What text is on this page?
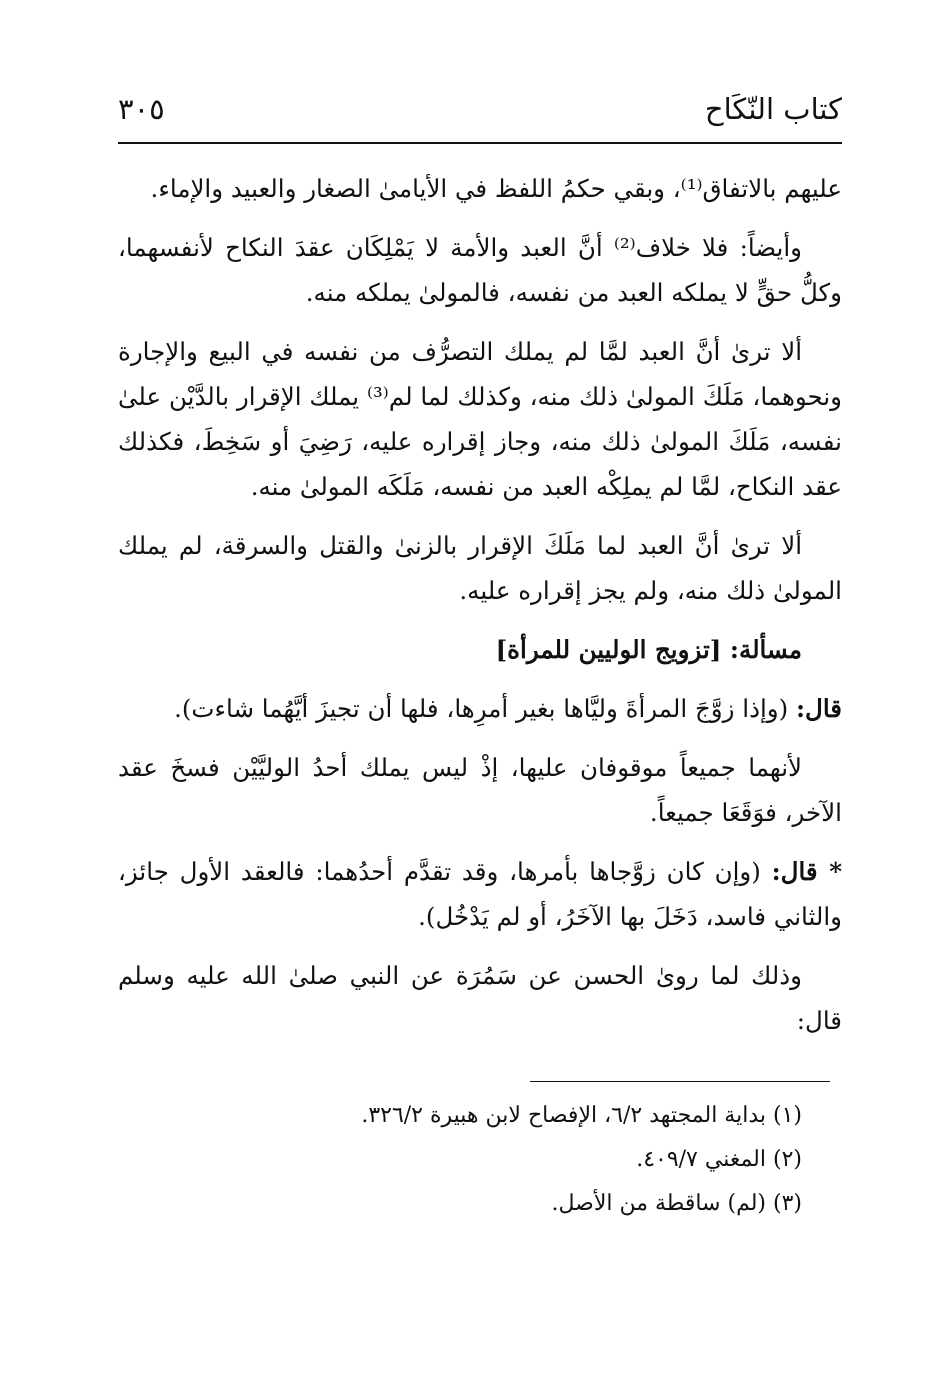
كتاب النّكَاح
٣٠٥

عليهم بالاتفاق⁽¹⁾، وبقي حكمُ اللفظ في الأيامىٰ الصغار والعبيد والإماء.

وأيضاً: فلا خلاف⁽²⁾ أنَّ العبد والأمة لا يَمْلِكَان عقدَ النكاح لأنفسهما، وكلُّ حقٍّ لا يملكه العبد من نفسه، فالمولىٰ يملكه منه.

ألا ترىٰ أنَّ العبد لمَّا لم يملك التصرُّف من نفسه في البيع والإجارة ونحوهما، مَلَكَ المولىٰ ذلك منه، وكذلك لما لم⁽³⁾ يملك الإقرار بالدَّيْن علىٰ نفسه، مَلَكَ المولىٰ ذلك منه، وجاز إقراره عليه، رَضِيَ أو سَخِطَ، فكذلك عقد النكاح، لمَّا لم يملِكْه العبد من نفسه، مَلَكَه المولىٰ منه.

ألا ترىٰ أنَّ العبد لما مَلَكَ الإقرار بالزنىٰ والقتل والسرقة، لم يملك المولىٰ ذلك منه، ولم يجز إقراره عليه.

مسألة: [تزويج الوليين للمرأة]

قال: (وإذا زوَّجَ المرأةَ وليَّاها بغير أمرِها، فلها أن تجيزَ أيَّهُما شاءت).

لأنهما جميعاً موقوفان عليها، إذْ ليس يملك أحدُ الوليَّيْن فسخَ عقد الآخر، فوَقَعَا جميعاً.

* قال: (وإن كان زوَّجاها بأمرها، وقد تقدَّم أحدُهما: فالعقد الأول جائز، والثاني فاسد، دَخَلَ بها الآخَرُ، أو لم يَدْخُل).

وذلك لما روىٰ الحسن عن سَمُرَة عن النبي صلىٰ الله عليه وسلم قال:

(١) بداية المجتهد ٦/٢، الإفصاح لابن هبيرة ٣٢٦/٢.
(٢) المغني ٤٠٩/٧.
(٣) (لم) ساقطة من الأصل.
